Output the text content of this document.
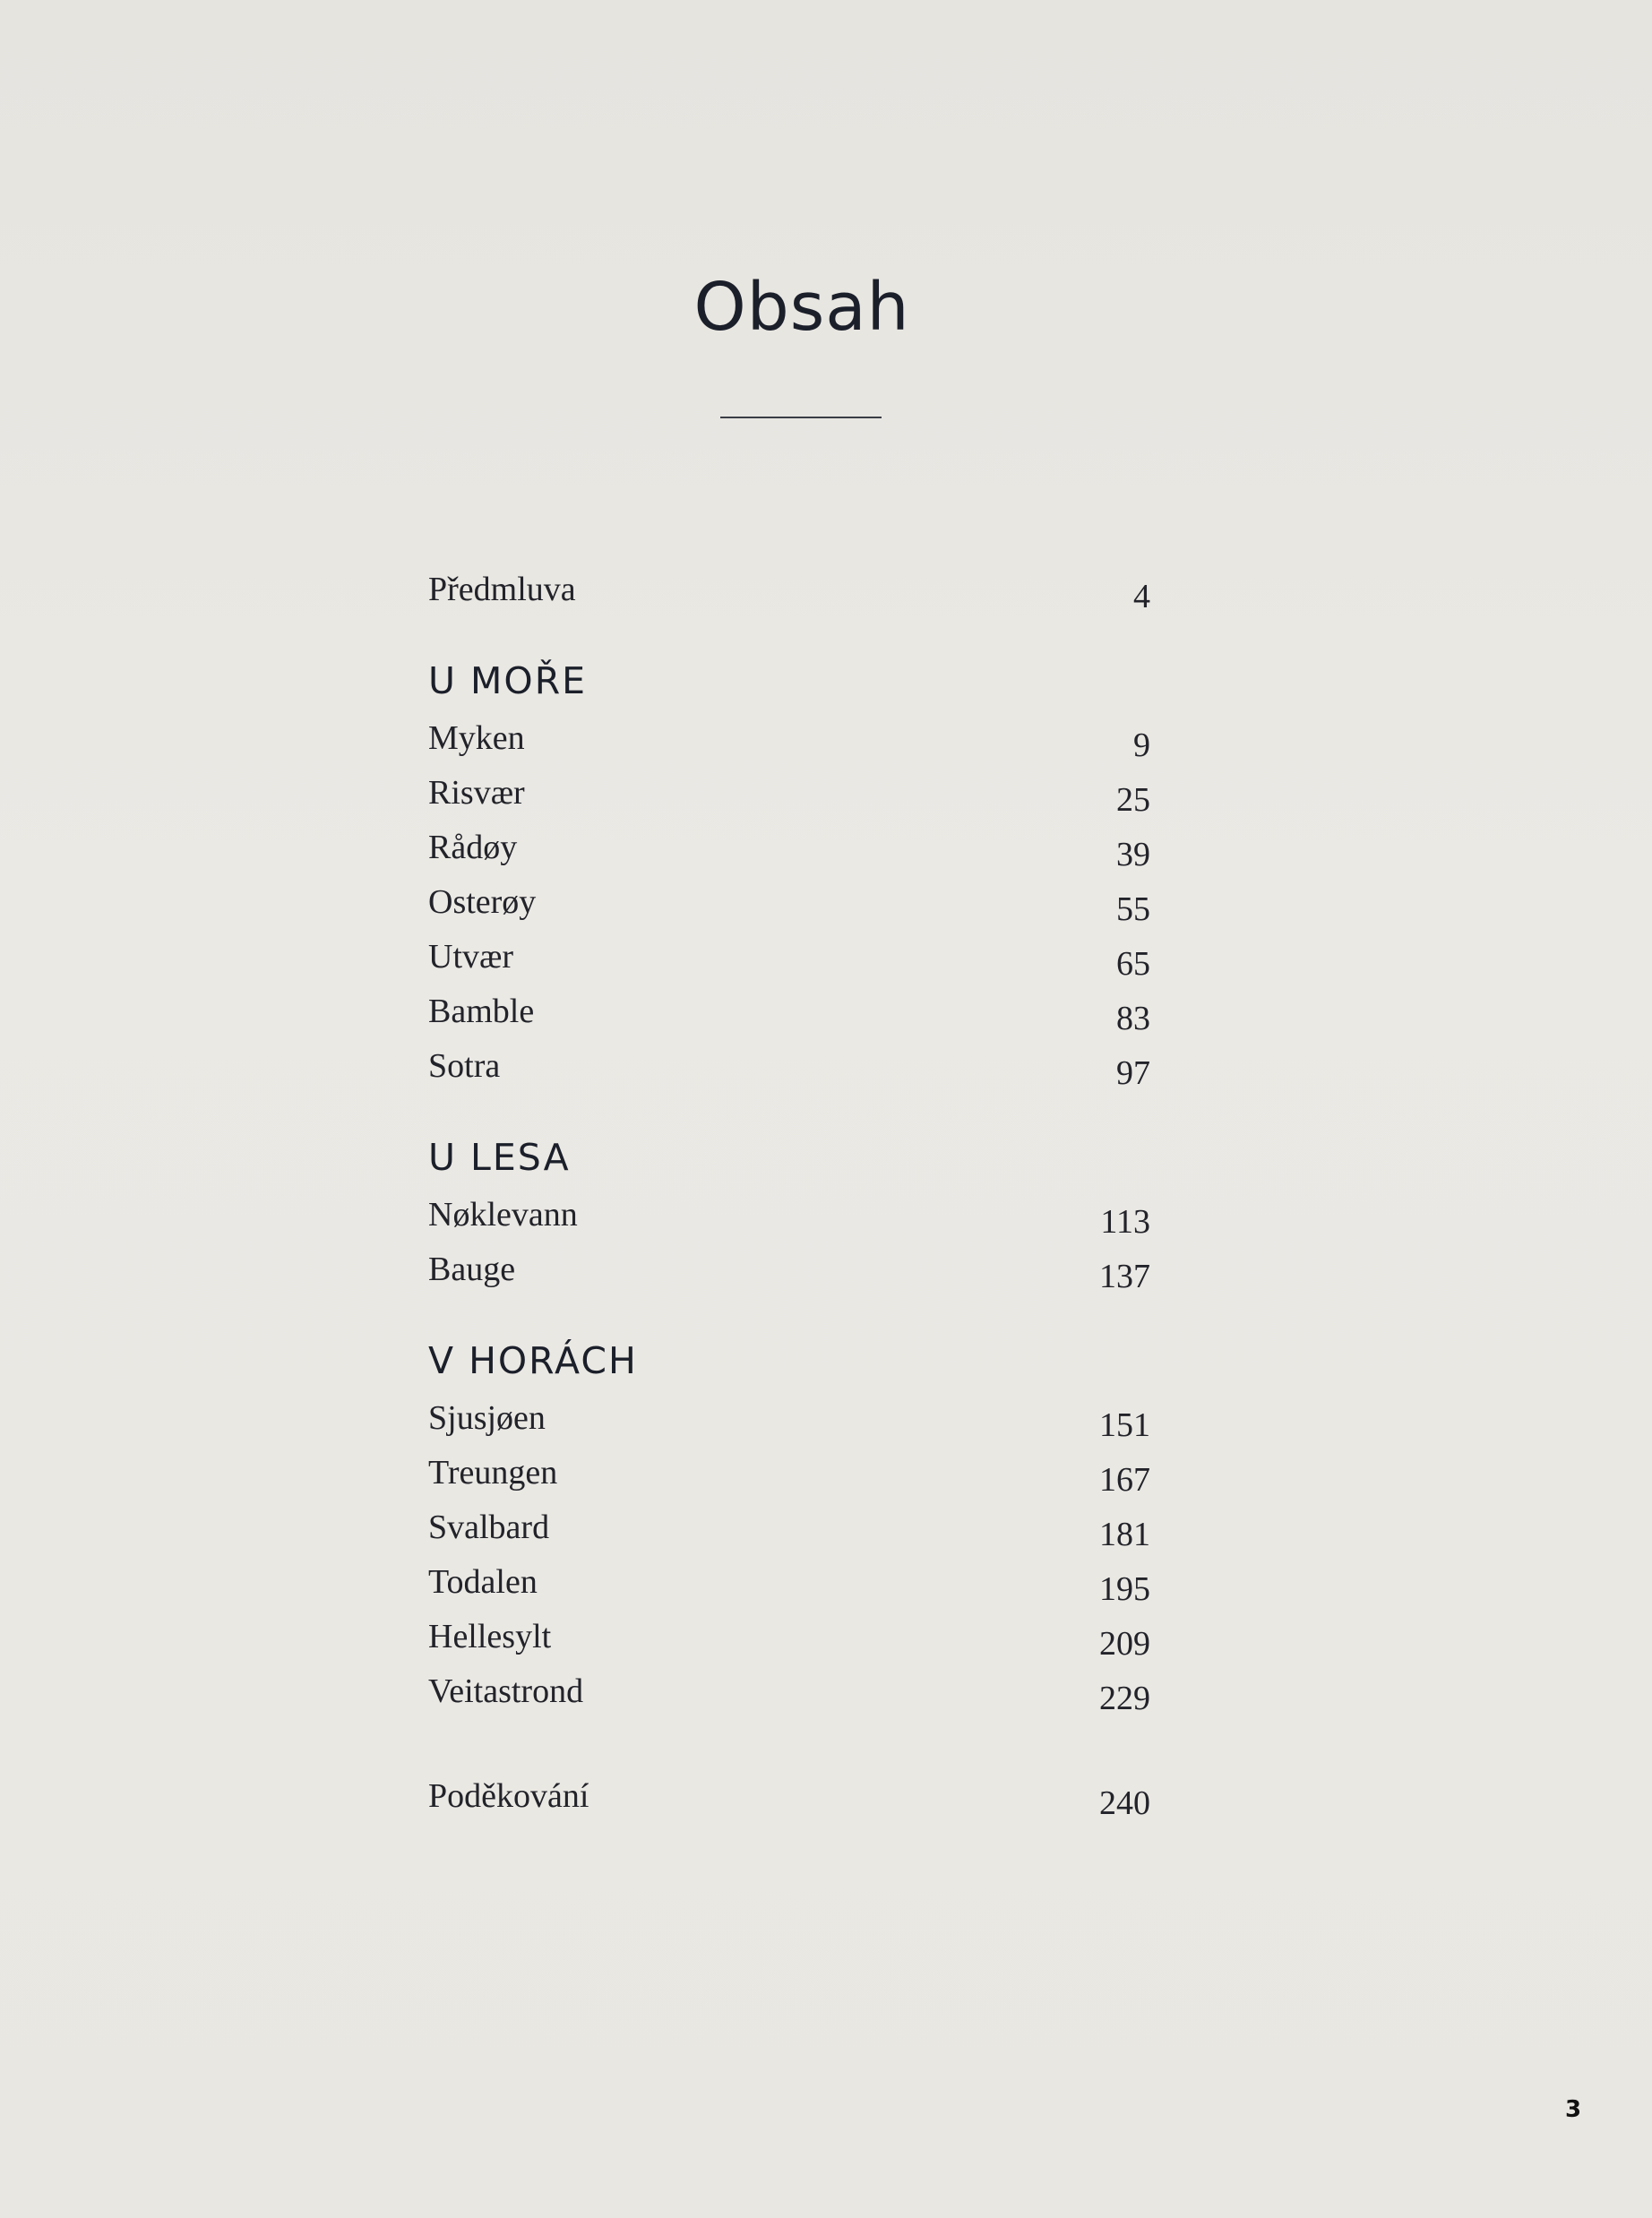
Obsah
Předmluva	4
U MOŘE
Myken	9
Risvær	25
Rådøy	39
Osterøy	55
Utvær	65
Bamble	83
Sotra	97
U LESA
Nøklevann	113
Bauge	137
V HORÁCH
Sjusjøen	151
Treungen	167
Svalbard	181
Todalen	195
Hellesylt	209
Veitastrond	229
Poděkování	240
3
